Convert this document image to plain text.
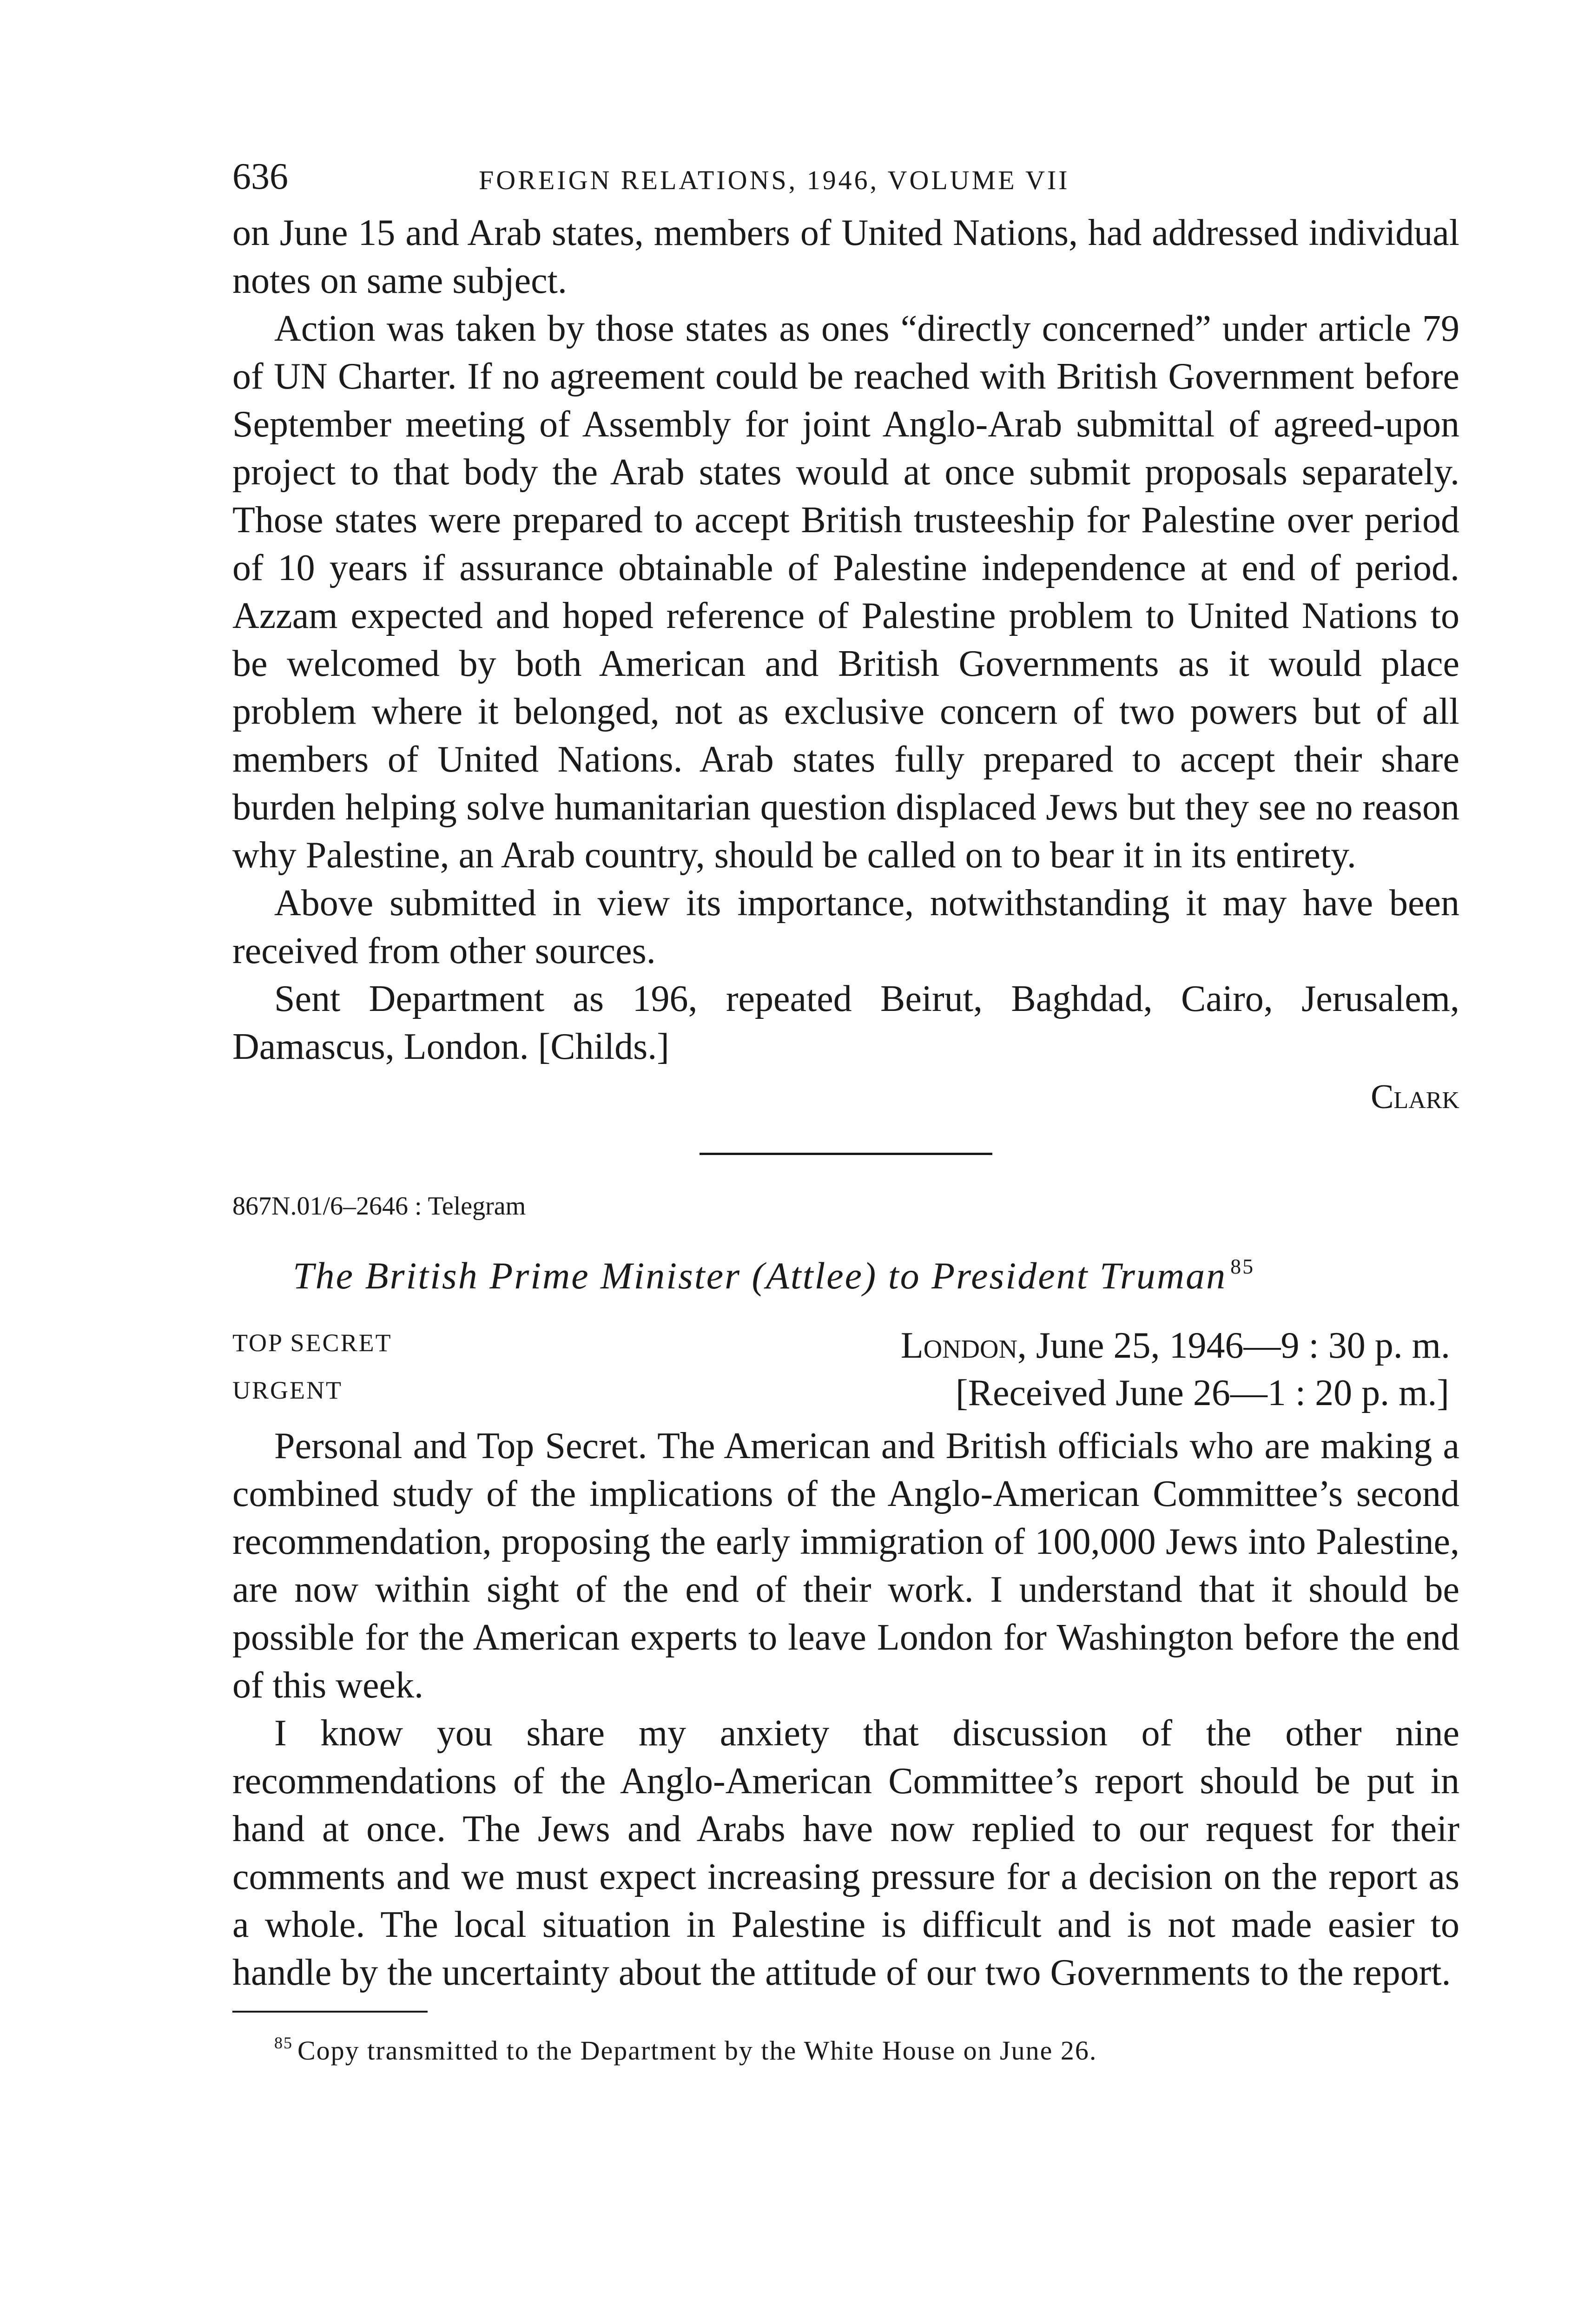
636	FOREIGN RELATIONS, 1946, VOLUME VII

on June 15 and Arab states, members of United Nations, had addressed individual notes on same subject.

Action was taken by those states as ones “directly concerned” under article 79 of UN Charter. If no agreement could be reached with British Government before September meeting of Assembly for joint Anglo-Arab submittal of agreed-upon project to that body the Arab states would at once submit proposals separately. Those states were prepared to accept British trusteeship for Palestine over period of 10 years if assurance obtainable of Palestine independence at end of period. Azzam expected and hoped reference of Palestine problem to United Nations to be welcomed by both American and British Governments as it would place problem where it belonged, not as exclusive concern of two powers but of all members of United Nations. Arab states fully prepared to accept their share burden helping solve humanitarian question displaced Jews but they see no reason why Palestine, an Arab country, should be called on to bear it in its entirety.

Above submitted in view its importance, notwithstanding it may have been received from other sources.

Sent Department as 196, repeated Beirut, Baghdad, Cairo, Jerusalem, Damascus, London. [Childs.]

Clark
867N.01/6–2646 : Telegram
The British Prime Minister (Attlee) to President Truman $^{85}$
TOP SECRET
URGENT
London, June 25, 1946—9 : 30 p. m.
[Received June 26—1 : 20 p. m.]

Personal and Top Secret. The American and British officials who are making a combined study of the implications of the Anglo-American Committee’s second recommendation, proposing the early immigration of 100,000 Jews into Palestine, are now within sight of the end of their work. I understand that it should be possible for the American experts to leave London for Washington before the end of this week.

I know you share my anxiety that discussion of the other nine recommendations of the Anglo-American Committee’s report should be put in hand at once. The Jews and Arabs have now replied to our request for their comments and we must expect increasing pressure for a decision on the report as a whole. The local situation in Palestine is difficult and is not made easier to handle by the uncertainty about the attitude of our two Governments to the report.

$^{85}$ Copy transmitted to the Department by the White House on June 26.
